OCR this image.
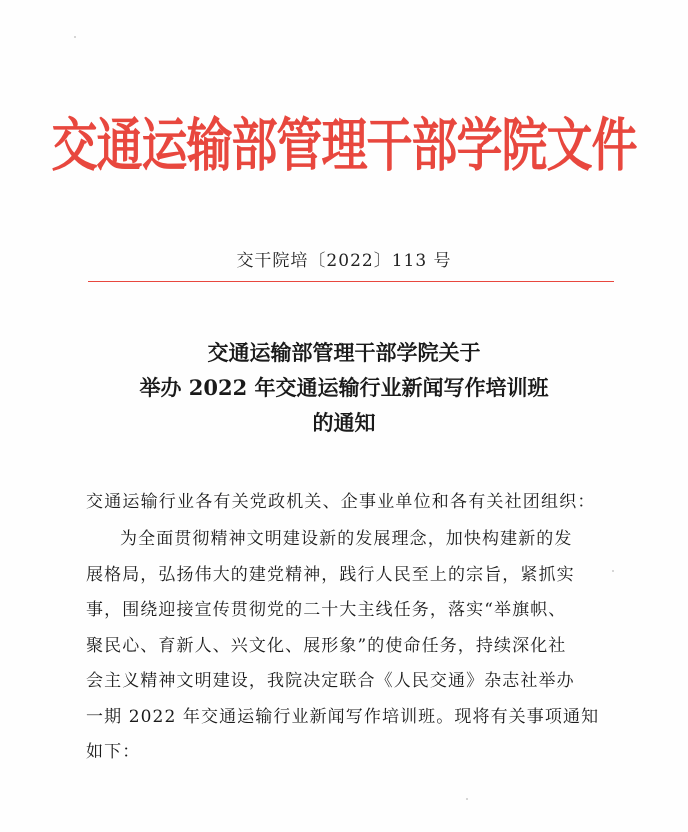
交通运输部管理干部学院文件
交干院培〔2022〕113 号
交通运输部管理干部学院关于
举办 2022 年交通运输行业新闻写作培训班
的通知
交通运输行业各有关党政机关、企事业单位和各有关社团组织：
为全面贯彻精神文明建设新的发展理念，加快构建新的发
展格局，弘扬伟大的建党精神，践行人民至上的宗旨，紧抓实
事，围绕迎接宣传贯彻党的二十大主线任务，落实“举旗帜、
聚民心、育新人、兴文化、展形象”的使命任务，持续深化社
会主义精神文明建设，我院决定联合《人民交通》杂志社举办
一期 2022 年交通运输行业新闻写作培训班。现将有关事项通知
如下：
